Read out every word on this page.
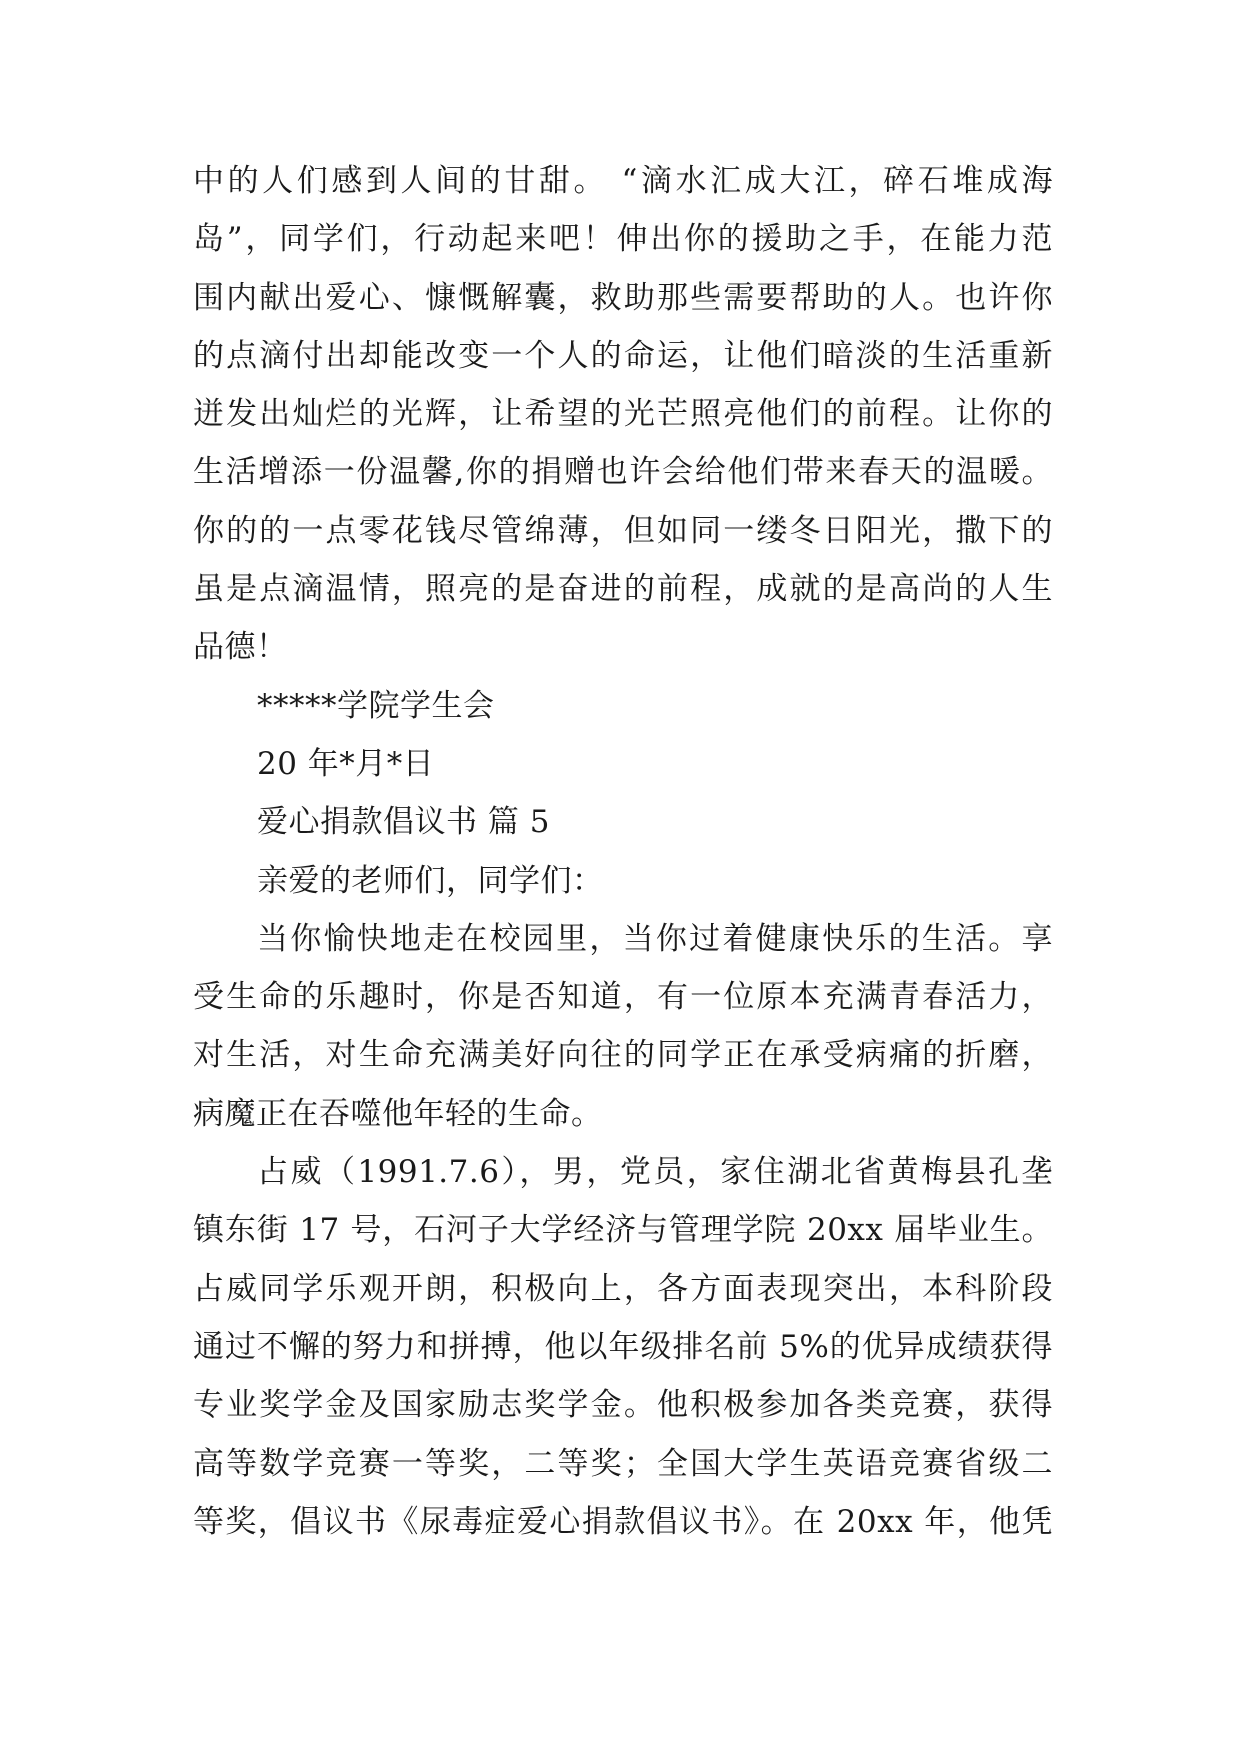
中的人们感到人间的甘甜。 “滴水汇成大江，碎石堆成海
岛”，同学们，行动起来吧！伸出你的援助之手，在能力范
围内献出爱心、慷慨解囊，救助那些需要帮助的人。也许你
的点滴付出却能改变一个人的命运，让他们暗淡的生活重新
迸发出灿烂的光辉，让希望的光芒照亮他们的前程。让你的
生活增添一份温馨,你的捐赠也许会给他们带来春天的温暖。
你的的一点零花钱尽管绵薄，但如同一缕冬日阳光，撒下的
虽是点滴温情，照亮的是奋进的前程，成就的是高尚的人生
品德！
*****学院学生会
20 年*月*日
爱心捐款倡议书 篇 5
亲爱的老师们，同学们：
当你愉快地走在校园里，当你过着健康快乐的生活。享
受生命的乐趣时，你是否知道，有一位原本充满青春活力，
对生活，对生命充满美好向往的同学正在承受病痛的折磨，
病魔正在吞噬他年轻的生命。
占威（1991.7.6），男，党员，家住湖北省黄梅县孔垄
镇东街 17 号，石河子大学经济与管理学院 20xx 届毕业生。
占威同学乐观开朗，积极向上，各方面表现突出，本科阶段
通过不懈的努力和拼搏，他以年级排名前 5%的优异成绩获得
专业奖学金及国家励志奖学金。他积极参加各类竞赛，获得
高等数学竞赛一等奖，二等奖；全国大学生英语竞赛省级二
等奖，倡议书《尿毒症爱心捐款倡议书》。在 20xx 年，他凭
